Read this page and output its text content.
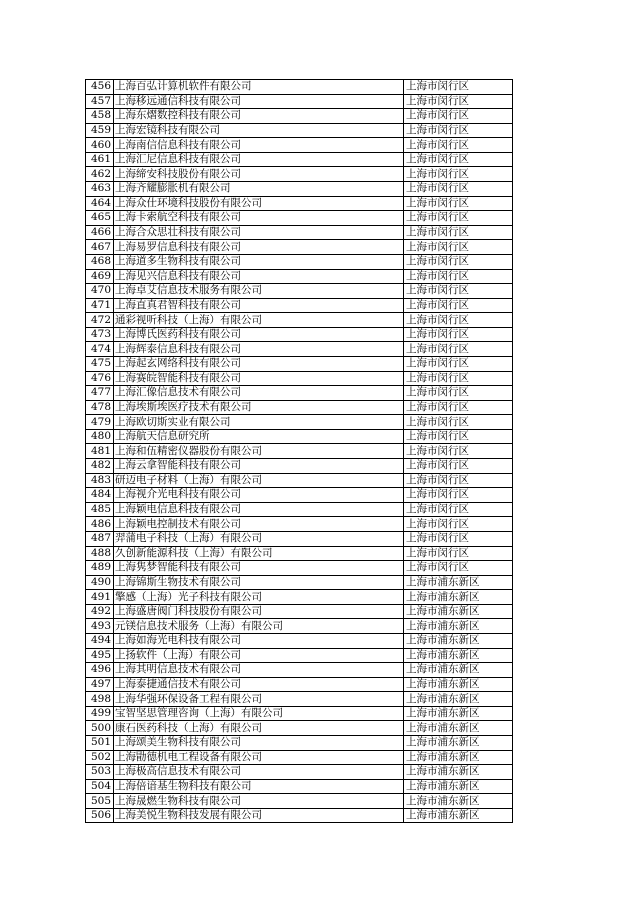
456	上海百弘计算机软件有限公司	上海市闵行区
457	上海移远通信科技有限公司	上海市闵行区
458	上海东熠数控科技有限公司	上海市闵行区
459	上海宏镜科技有限公司	上海市闵行区
460	上海南信信息科技有限公司	上海市闵行区
461	上海汇尼信息科技有限公司	上海市闵行区
462	上海缔安科技股份有限公司	上海市闵行区
463	上海齐耀膨胀机有限公司	上海市闵行区
464	上海众仕环境科技股份有限公司	上海市闵行区
465	上海卡索航空科技有限公司	上海市闵行区
466	上海合众思壮科技有限公司	上海市闵行区
467	上海易罗信息科技有限公司	上海市闵行区
468	上海道多生物科技有限公司	上海市闵行区
469	上海见兴信息科技有限公司	上海市闵行区
470	上海卓艾信息技术服务有限公司	上海市闵行区
471	上海直真君智科技有限公司	上海市闵行区
472	通彩视听科技（上海）有限公司	上海市闵行区
473	上海博氏医药科技有限公司	上海市闵行区
474	上海辉泰信息科技有限公司	上海市闵行区
475	上海起玄网络科技有限公司	上海市闵行区
476	上海赛皖智能科技有限公司	上海市闵行区
477	上海汇像信息技术有限公司	上海市闵行区
478	上海埃斯埃医疗技术有限公司	上海市闵行区
479	上海欧切斯实业有限公司	上海市闵行区
480	上海航天信息研究所	上海市闵行区
481	上海和伍精密仪器股份有限公司	上海市闵行区
482	上海云拿智能科技有限公司	上海市闵行区
483	研迈电子材料（上海）有限公司	上海市闵行区
484	上海视介光电科技有限公司	上海市闵行区
485	上海颖电信息科技有限公司	上海市闵行区
486	上海颖电控制技术有限公司	上海市闵行区
487	羿蒲电子科技（上海）有限公司	上海市闵行区
488	久创新能源科技（上海）有限公司	上海市闵行区
489	上海隽梦智能科技有限公司	上海市闵行区
490	上海锦斯生物技术有限公司	上海市浦东新区
491	擎感（上海）光子科技有限公司	上海市浦东新区
492	上海盛唐阀门科技股份有限公司	上海市浦东新区
493	元镁信息技术服务（上海）有限公司	上海市浦东新区
494	上海如海光电科技有限公司	上海市浦东新区
495	上扬软件（上海）有限公司	上海市浦东新区
496	上海其明信息技术有限公司	上海市浦东新区
497	上海泰捷通信技术有限公司	上海市浦东新区
498	上海华强环保设备工程有限公司	上海市浦东新区
499	宝智坚思管理咨询（上海）有限公司	上海市浦东新区
500	康石医药科技（上海）有限公司	上海市浦东新区
501	上海颂美生物科技有限公司	上海市浦东新区
502	上海勖德机电工程设备有限公司	上海市浦东新区
503	上海极高信息技术有限公司	上海市浦东新区
504	上海倍谙基生物科技有限公司	上海市浦东新区
505	上海晟燃生物科技有限公司	上海市浦东新区
506	上海美悦生物科技发展有限公司	上海市浦东新区
